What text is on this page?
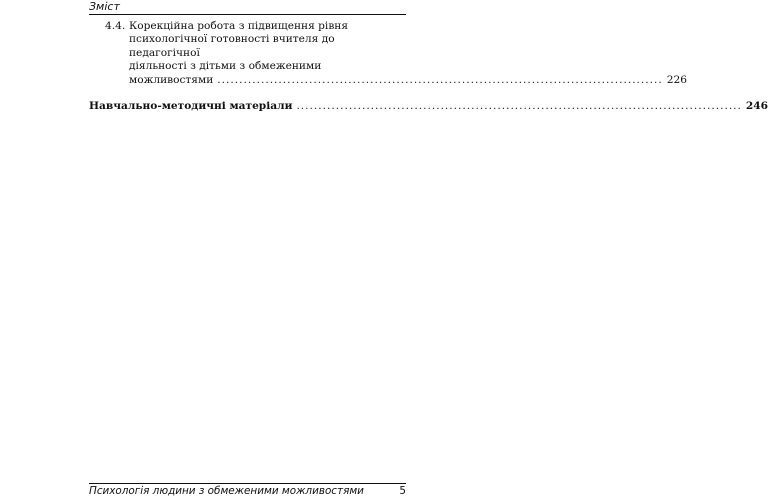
Зміст
4.4. Корекційна робота з підвищення рівня
психологічної готовності вчителя до педагогічної
діяльності з дітьми з обмеженими
можливостями ...................................................................................................... 226
Навчально-методичні матеріали ...................................................................................................... 246
Психологія людини з обмеженими можливостями	5
